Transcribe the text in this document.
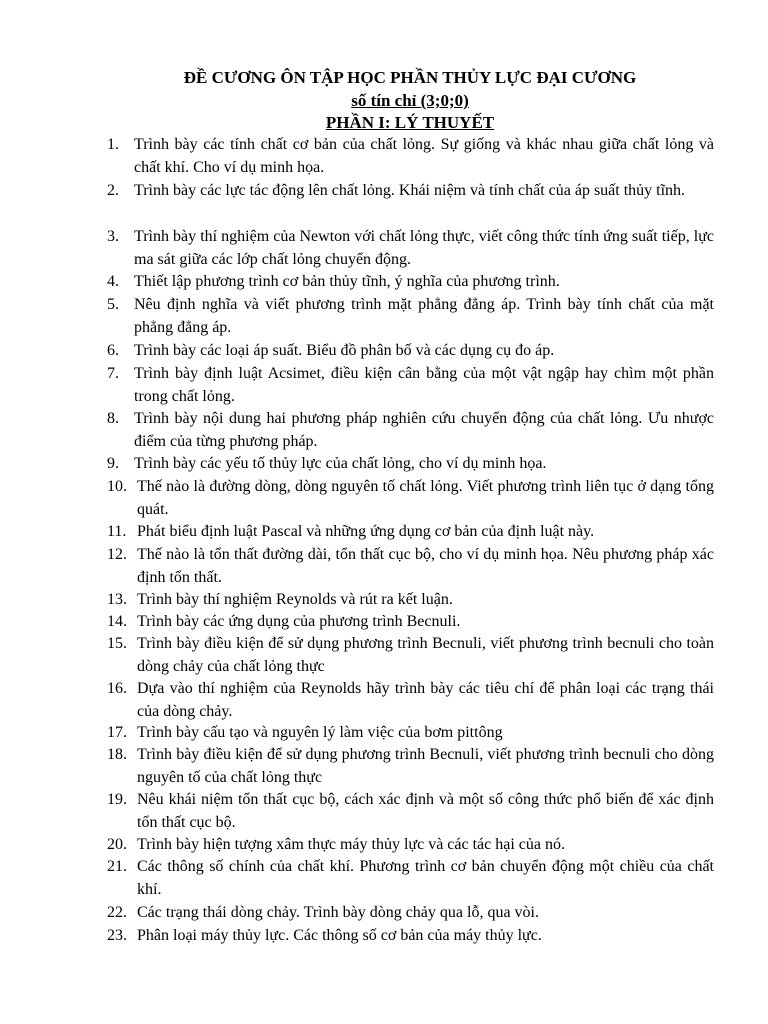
ĐỀ CƯƠNG ÔN TẬP HỌC PHẦN THỦY LỰC ĐẠI CƯƠNG
số tín chỉ (3;0;0)
PHẦN I: LÝ THUYẾT
1. Trình bày các tính chất cơ bản của chất lỏng. Sự giống và khác nhau giữa chất lỏng và chất khí. Cho ví dụ minh họa.
2. Trình bày các lực tác động lên chất lỏng. Khái niệm và tính chất của áp suất thủy tĩnh.
3. Trình bày thí nghiệm của Newton với chất lỏng thực, viết công thức tính ứng suất tiếp, lực ma sát giữa các lớp chất lỏng chuyển động.
4. Thiết lập phương trình cơ bản thủy tĩnh, ý nghĩa của phương trình.
5. Nêu định nghĩa và viết phương trình mặt phẳng đẳng áp. Trình bày tính chất của mặt phẳng đẳng áp.
6. Trình bày các loại áp suất. Biểu đồ phân bố và các dụng cụ đo áp.
7. Trình bày định luật Acsimet, điều kiện cân bằng của một vật ngập hay chìm một phần trong chất lỏng.
8. Trình bày nội dung hai phương pháp nghiên cứu chuyển động của chất lỏng. Ưu nhược điểm của từng phương pháp.
9. Trình bày các yếu tố thủy lực của chất lỏng, cho ví dụ minh họa.
10. Thế nào là đường dòng, dòng nguyên tố chất lỏng. Viết phương trình liên tục ở dạng tổng quát.
11. Phát biểu định luật Pascal và những ứng dụng cơ bản của định luật này.
12. Thế nào là tổn thất đường dài, tổn thất cục bộ, cho ví dụ minh họa. Nêu phương pháp xác định tổn thất.
13. Trình bày thí nghiệm Reynolds và rút ra kết luận.
14. Trình bày các ứng dụng của phương trình Becnuli.
15. Trình bày điều kiện để sử dụng phương trình Becnuli, viết phương trình becnuli cho toàn dòng chảy của chất lỏng thực
16. Dựa vào thí nghiệm của Reynolds hãy trình bày các tiêu chí để phân loại các trạng thái của dòng chảy.
17. Trình bày cấu tạo và nguyên lý làm việc của bơm pittông
18. Trình bày điều kiện để sử dụng phương trình Becnuli, viết phương trình becnuli cho dòng nguyên tố của chất lỏng thực
19. Nêu khái niệm tổn thất cục bộ, cách xác định và một số công thức phổ biến để xác định tổn thất cục bộ.
20. Trình bày hiện tượng xâm thực máy thủy lực và các tác hại của nó.
21. Các thông số chính của chất khí. Phương trình cơ bản chuyển động một chiều của chất khí.
22. Các trạng thái dòng chảy. Trình bày dòng chảy qua lỗ, qua vòi.
23. Phân loại máy thủy lực. Các thông số cơ bản của máy thủy lực.
